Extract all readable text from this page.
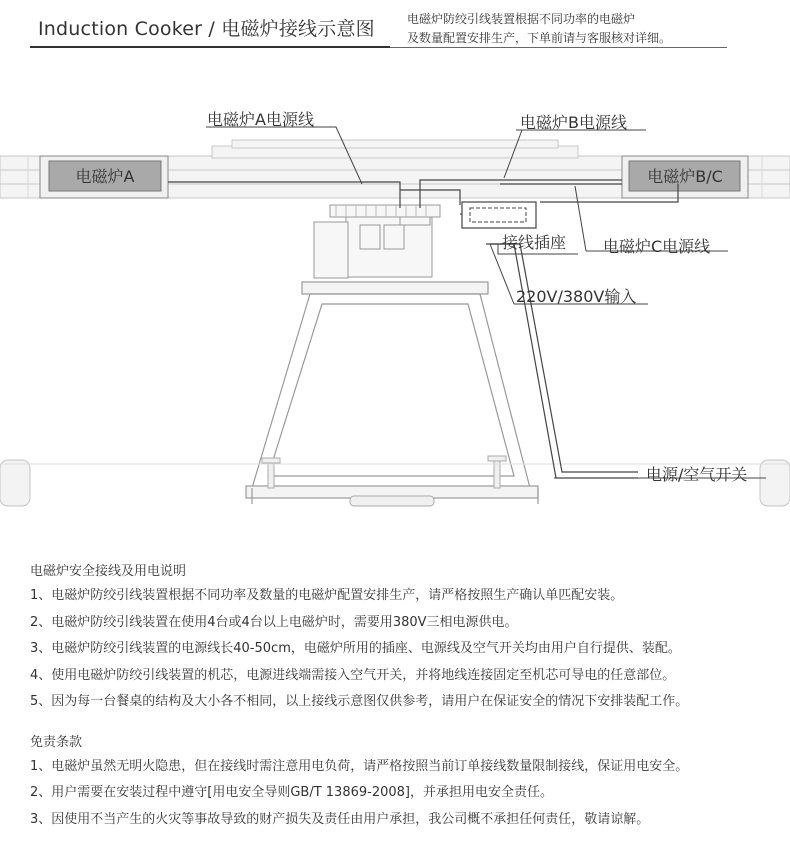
Induction Cooker / 电磁炉接线示意图	电磁炉防绞引线装置根据不同功率的电磁炉
及数量配置安排生产，下单前请与客服核对详细。
电磁炉A	电磁炉B/C
电磁炉A电源线	电磁炉B电源线
接线插座 电磁炉C电源线
220V/380V输入
电源/空气开关
电磁炉安全接线及用电说明
1、电磁炉防绞引线装置根据不同功率及数量的电磁炉配置安排生产，请严格按照生产确认单匹配安装。
2、电磁炉防绞引线装置在使用4台或4台以上电磁炉时，需要用380V三相电源供电。
3、电磁炉防绞引线装置的电源线长40-50cm，电磁炉所用的插座、电源线及空气开关均由用户自行提供、装配。
4、使用电磁炉防绞引线装置的机芯，电源进线端需接入空气开关，并将地线连接固定至机芯可导电的任意部位。
5、因为每一台餐桌的结构及大小各不相同，以上接线示意图仅供参考，请用户在保证安全的情况下安排装配工作。
免责条款
1、电磁炉虽然无明火隐患，但在接线时需注意用电负荷，请严格按照当前订单接线数量限制接线，保证用电安全。
2、用户需要在安装过程中遵守[用电安全导则GB/T 13869-2008]，并承担用电安全责任。
3、因使用不当产生的火灾等事故导致的财产损失及责任由用户承担，我公司概不承担任何责任，敬请谅解。
